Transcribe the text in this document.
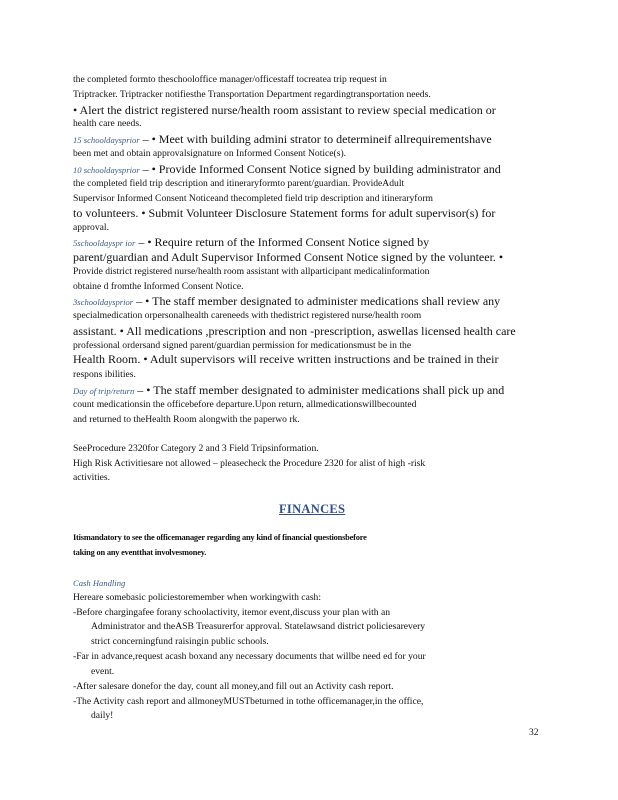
the completed formto theschooloffice manager/officestaff tocreatea trip request in
Triptracker. Triptracker notifiesthe Transportation Department regardingtransportation needs.
• Alert the district registered nurse/health room assistant to review special medication or
health care needs.
15 schooldaysprior – • Meet with building admini strator to determineif allrequirementshave
been met and obtain approvalsignature on Informed Consent Notice(s).
10 schooldaysprior – • Provide Informed Consent Notice signed by building administrator and
the completed field trip description and itineraryformto parent/guardian. ProvideAdult
Supervisor Informed Consent Noticeand thecompleted field trip description and itineraryform
to volunteers. • Submit Volunteer Disclosure Statement forms for adult supervisor(s) for
approval.
5schooldayspr ior – • Require return of the Informed Consent Notice signed by
parent/guardian and Adult Supervisor Informed Consent Notice signed by the volunteer. •
Provide district registered nurse/health room assistant with allparticipant medicalinformation
obtaine d fromthe Informed Consent Notice.
3schooldaysprior – • The staff member designated to administer medications shall review any
specialmedication orpersonalhealth careneeds with thedistrict registered nurse/health room
assistant. • All medications ,prescription and non -prescription, aswellas licensed health care
professional ordersand signed parent/guardian permission for medicationsmust be in the
Health Room. • Adult supervisors will receive written instructions and be trained in their
respons ibilities.
Day of trip/return – • The staff member designated to administer medications shall pick up and
count medicationsin the officebefore departure.Upon return, allmedicationswillbecounted
and returned to theHealth Room alongwith the paperwo rk.
SeeProcedure 2320for Category 2 and 3 Field Tripsinformation.
High Risk Activitiesare not allowed – pleasecheck the Procedure 2320 for alist of high -risk
activities.
FINANCES
Itismandatory to see the officemanager regarding any kind of financial questionsbefore
taking on any eventthat involvesmoney.
Cash Handling
Hereare somebasic policiestoremember when workingwith cash:
-Before chargingafee forany schoolactivity, itemor event,discuss your plan with an
Administrator and theASB Treasurerfor approval. Statelawsand district policiesarevery
strict concerningfund raisingin public schools.
-Far in advance,request acash boxand any necessary documents that willbe need ed for your
event.
-After salesare donefor the day, count all money,and fill out an Activity cash report.
-The Activity cash report and allmoneyMUSTbeturned in tothe officemanager,in the office,
daily!
32
